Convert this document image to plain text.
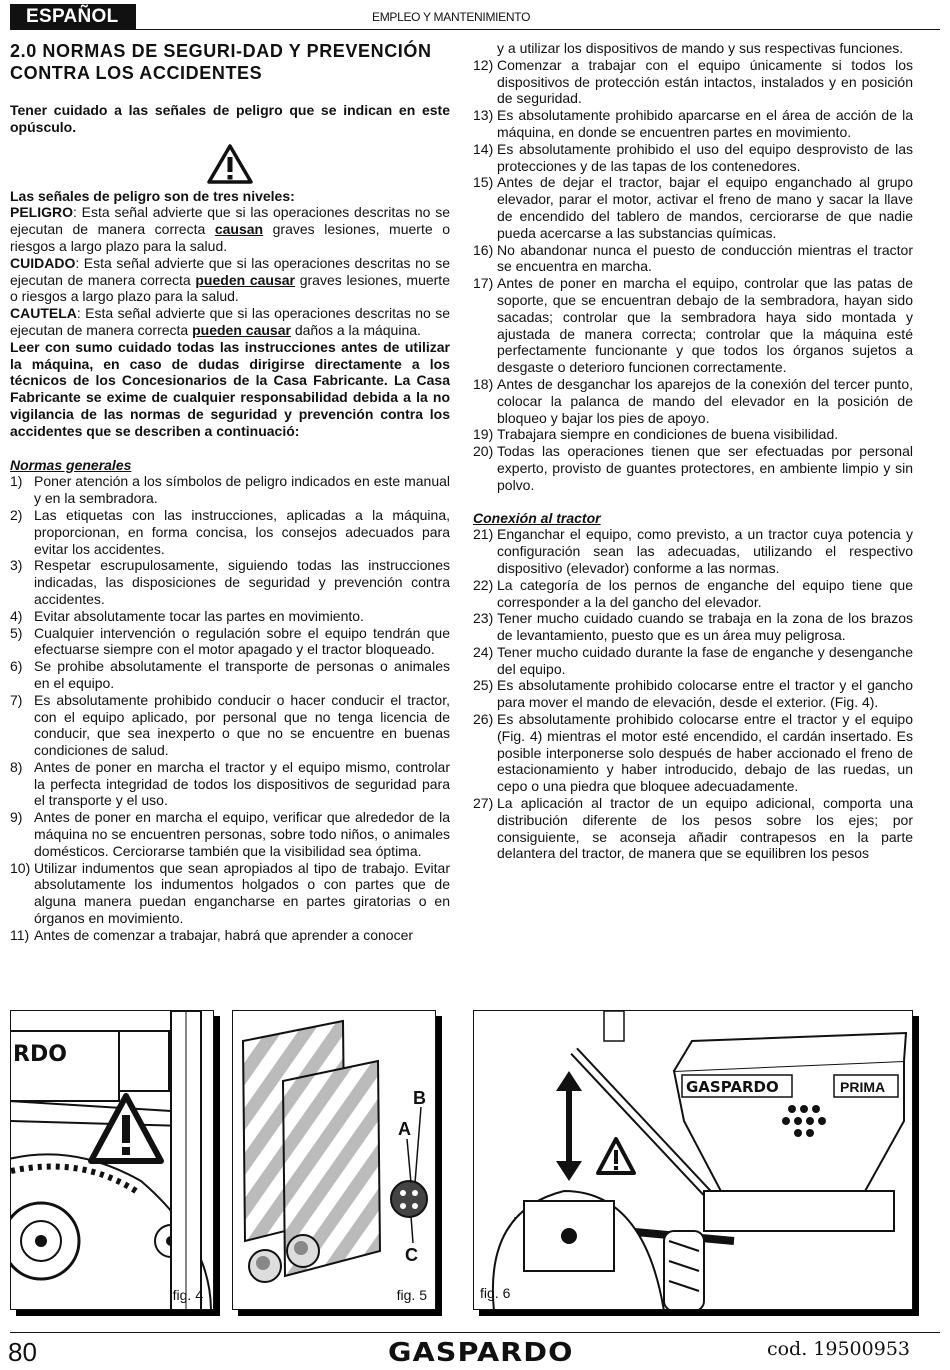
ESPAÑOL	EMPLEO Y MANTENIMIENTO
2.0 NORMAS DE SEGURI-DAD Y PREVENCIÓN CONTRA LOS ACCIDENTES

Tener cuidado a las señales de peligro que se indican en este opúsculo.

Las señales de peligro son de tres niveles:

PELIGRO: Esta señal advierte que si las operaciones descritas no se ejecutan de manera correcta causan graves lesiones, muerte o riesgos a largo plazo para la salud.

CUIDADO: Esta señal advierte que si las operaciones descritas no se ejecutan de manera correcta pueden causar graves lesiones, muerte o riesgos a largo plazo para la salud.

CAUTELA: Esta señal advierte que si las operaciones descritas no se ejecutan de manera correcta pueden causar daños a la máquina.

Leer con sumo cuidado todas las instrucciones antes de utilizar la máquina, en caso de dudas dirigirse directamente a los técnicos de los Concesionarios de la Casa Fabricante. La Casa Fabricante se exime de cualquier responsabilidad debida a la no vigilancia de las normas de seguridad y prevención contra los accidentes que se describen a continuació:

Normas generales

1) Poner atención a los símbolos de peligro indicados en este manual y en la sembradora.
2) Las etiquetas con las instrucciones, aplicadas a la máquina, proporcionan, en forma concisa, los consejos adecuados para evitar los accidentes.
3) Respetar escrupulosamente, siguiendo todas las instrucciones indicadas, las disposiciones de seguridad y prevención contra accidentes.
4) Evitar absolutamente tocar las partes en movimiento.
5) Cualquier intervención o regulación sobre el equipo tendrán que efectuarse siempre con el motor apagado y el tractor bloqueado.
6) Se prohibe absolutamente el transporte de personas o animales en el equipo.
7) Es absolutamente prohibido conducir o hacer conducir el tractor, con el equipo aplicado, por personal que no tenga licencia de conducir, que sea inexperto o que no se encuentre en buenas condiciones de salud.
8) Antes de poner en marcha el tractor y el equipo mismo, controlar la perfecta integridad de todos los dispositivos de seguridad para el transporte y el uso.
9) Antes de poner en marcha el equipo, verificar que alrededor de la máquina no se encuentren personas, sobre todo niños, o animales domésticos. Cerciorarse también que la visibilidad sea óptima.
10) Utilizar indumentos que sean apropiados al tipo de trabajo. Evitar absolutamente los indumentos holgados o con partes que de alguna manera puedan engancharse en partes giratorias o en órganos en movimiento.
11) Antes de comenzar a trabajar, habrá que aprender a conocer

y a utilizar los dispositivos de mando y sus respectivas funciones.

12) Comenzar a trabajar con el equipo únicamente si todos los dispositivos de protección están intactos, instalados y en posición de seguridad.
13) Es absolutamente prohibido aparcarse en el área de acción de la máquina, en donde se encuentren partes en movimiento.
14) Es absolutamente prohibido el uso del equipo desprovisto de las protecciones y de las tapas de los contenedores.
15) Antes de dejar el tractor, bajar el equipo enganchado al grupo elevador, parar el motor, activar el freno de mano y sacar la llave de encendido del tablero de mandos, cerciorarse de que nadie pueda acercarse a las substancias químicas.
16) No abandonar nunca el puesto de conducción mientras el tractor se encuentra en marcha.
17) Antes de poner en marcha el equipo, controlar que las patas de soporte, que se encuentran debajo de la sembradora, hayan sido sacadas; controlar que la sembradora haya sido montada y ajustada de manera correcta; controlar que la máquina esté perfectamente funcionante y que todos los órganos sujetos a desgaste o deterioro funcionen correctamente.
18) Antes de desganchar los aparejos de la conexión del tercer punto, colocar la palanca de mando del elevador en la posición de bloqueo y bajar los pies de apoyo.
19) Trabajara siempre en condiciones de buena visibilidad.
20) Todas las operaciones tienen que ser efectuadas por personal experto, provisto de guantes protectores, en ambiente limpio y sin polvo.

Conexión al tractor

21) Enganchar el equipo, como previsto, a un tractor cuya potencia y configuración sean las adecuadas, utilizando el respectivo dispositivo (elevador) conforme a las normas.
22) La categoría de los pernos de enganche del equipo tiene que corresponder a la del gancho del elevador.
23) Tener mucho cuidado cuando se trabaja en la zona de los brazos de levantamiento, puesto que es un área muy peligrosa.
24) Tener mucho cuidado durante la fase de enganche y desenganche del equipo.
25) Es absolutamente prohibido colocarse entre el tractor y el gancho para mover el mando de elevación, desde el exterior. (Fig. 4).
26) Es absolutamente prohibido colocarse entre el tractor y el equipo (Fig. 4) mientras el motor esté encendido, el cardán insertado. Es posible interponerse solo después de haber accionado el freno de estacionamiento y haber introducido, debajo de las ruedas, un cepo o una piedra que bloquee adecuadamente.
27) La aplicación al tractor de un equipo adicional, comporta una distribución diferente de los pesos sobre los ejes; por consiguiente, se aconseja añadir contrapesos en la parte delantera del tractor, de manera que se equilibren los pesos
RDO
fig. 4
A
B
C
fig. 5
GASPARDO	PRIMA
fig. 6
80	GASPARDO	cod. 19500953
